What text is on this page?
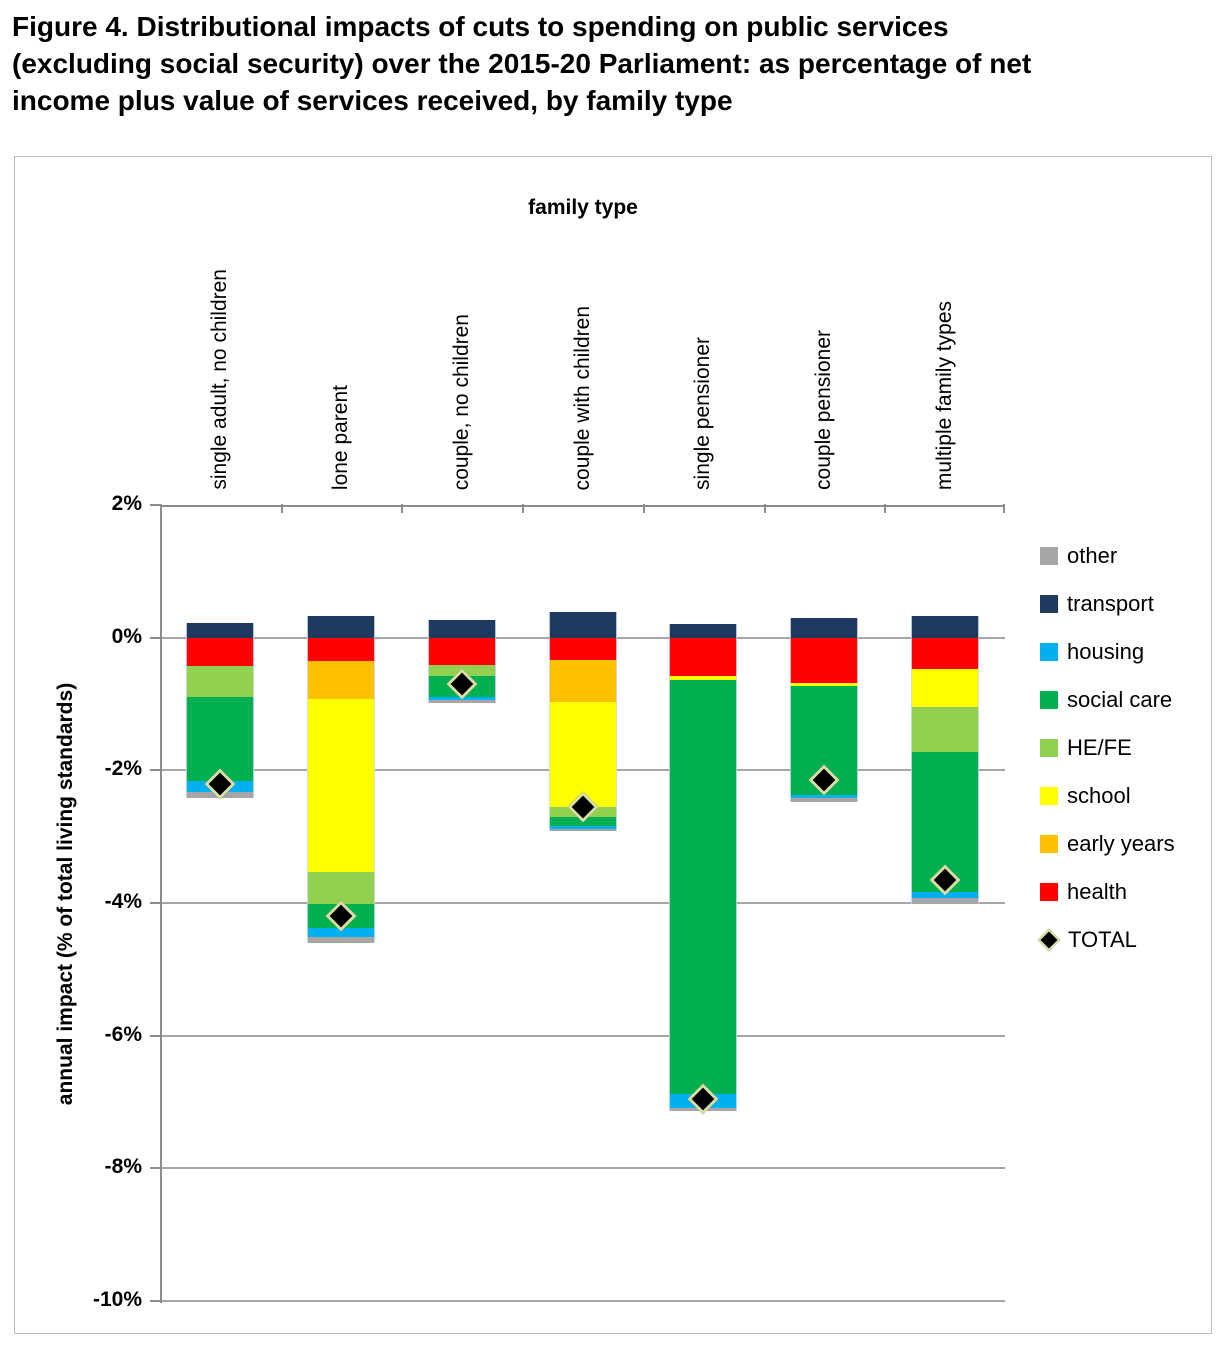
Figure 4. Distributional impacts of cuts to spending on public services
(excluding social security) over the 2015-20 Parliament: as percentage of net
income plus value of services received, by family type
family type
single adult, no children	lone parent	couple, no children	couple with children	single pensioner	couple pensioner	multiple family types
annual impact (% of total living standards)
other
transport
housing
social care
HE/FE
school
early years
health
TOTAL
2%
0%
-2%
-4%
-6%
-8%
-10%
